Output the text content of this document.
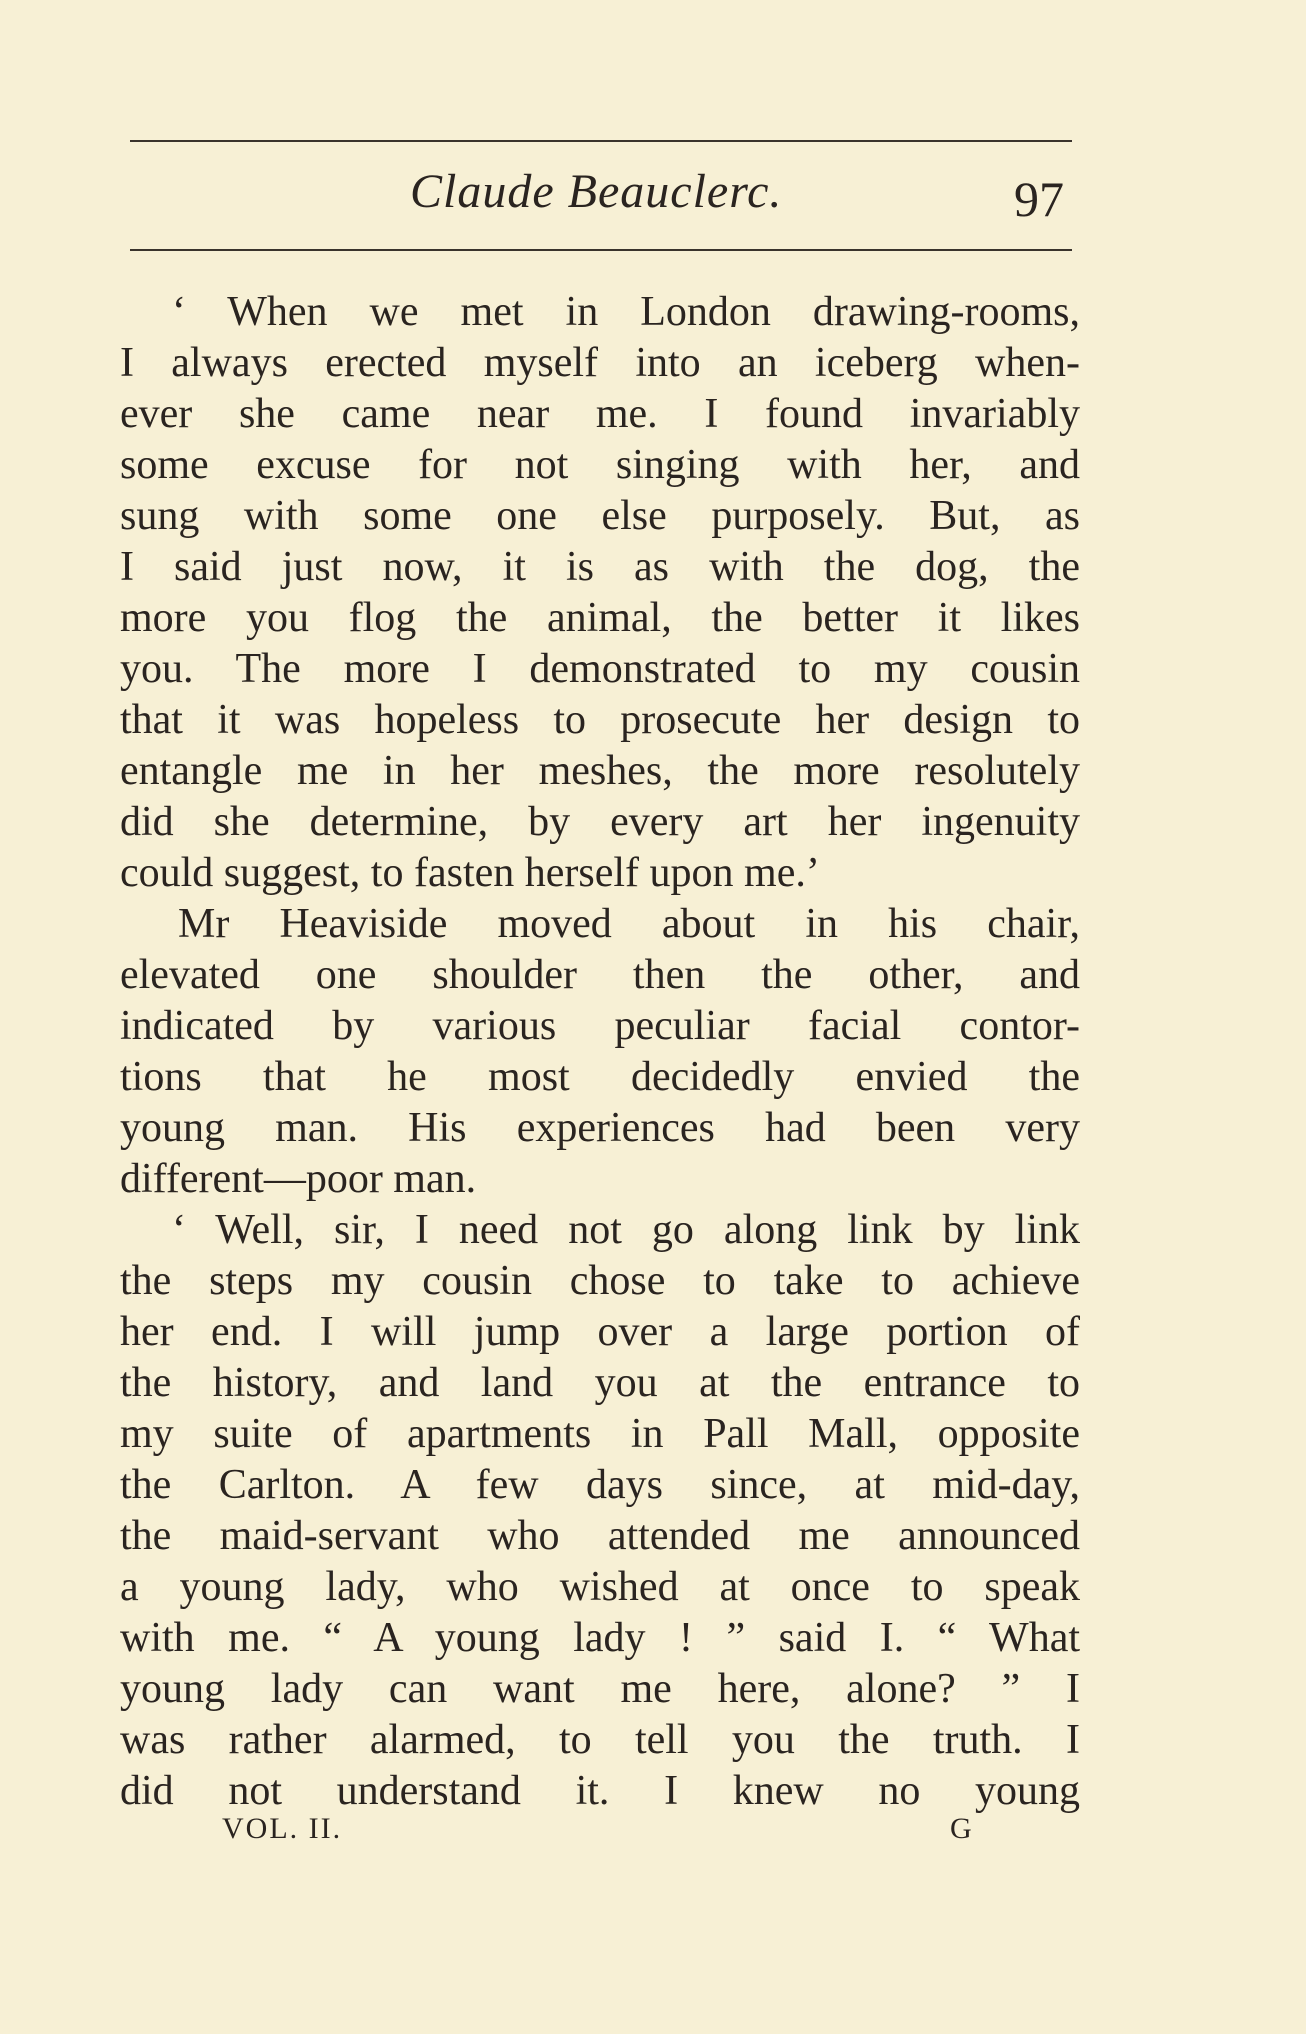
Claude Beauclerc.	97
‘ When we met in London drawing-rooms,
I always erected myself into an iceberg when-
ever she came near me. I found invariably
some excuse for not singing with her, and
sung with some one else purposely. But, as
I said just now, it is as with the dog, the
more you flog the animal, the better it likes
you. The more I demonstrated to my cousin
that it was hopeless to prosecute her design to
entangle me in her meshes, the more resolutely
did she determine, by every art her ingenuity
could suggest, to fasten herself upon me.’
Mr Heaviside moved about in his chair,
elevated one shoulder then the other, and
indicated by various peculiar facial contor-
tions that he most decidedly envied the
young man. His experiences had been very
different—poor man.
‘ Well, sir, I need not go along link by link
the steps my cousin chose to take to achieve
her end. I will jump over a large portion of
the history, and land you at the entrance to
my suite of apartments in Pall Mall, opposite
the Carlton. A few days since, at mid-day,
the maid-servant who attended me announced
a young lady, who wished at once to speak
with me. “ A young lady ! ” said I. “ What
young lady can want me here, alone? ” I
was rather alarmed, to tell you the truth. I
did not understand it. I knew no young
VOL. II.	G
